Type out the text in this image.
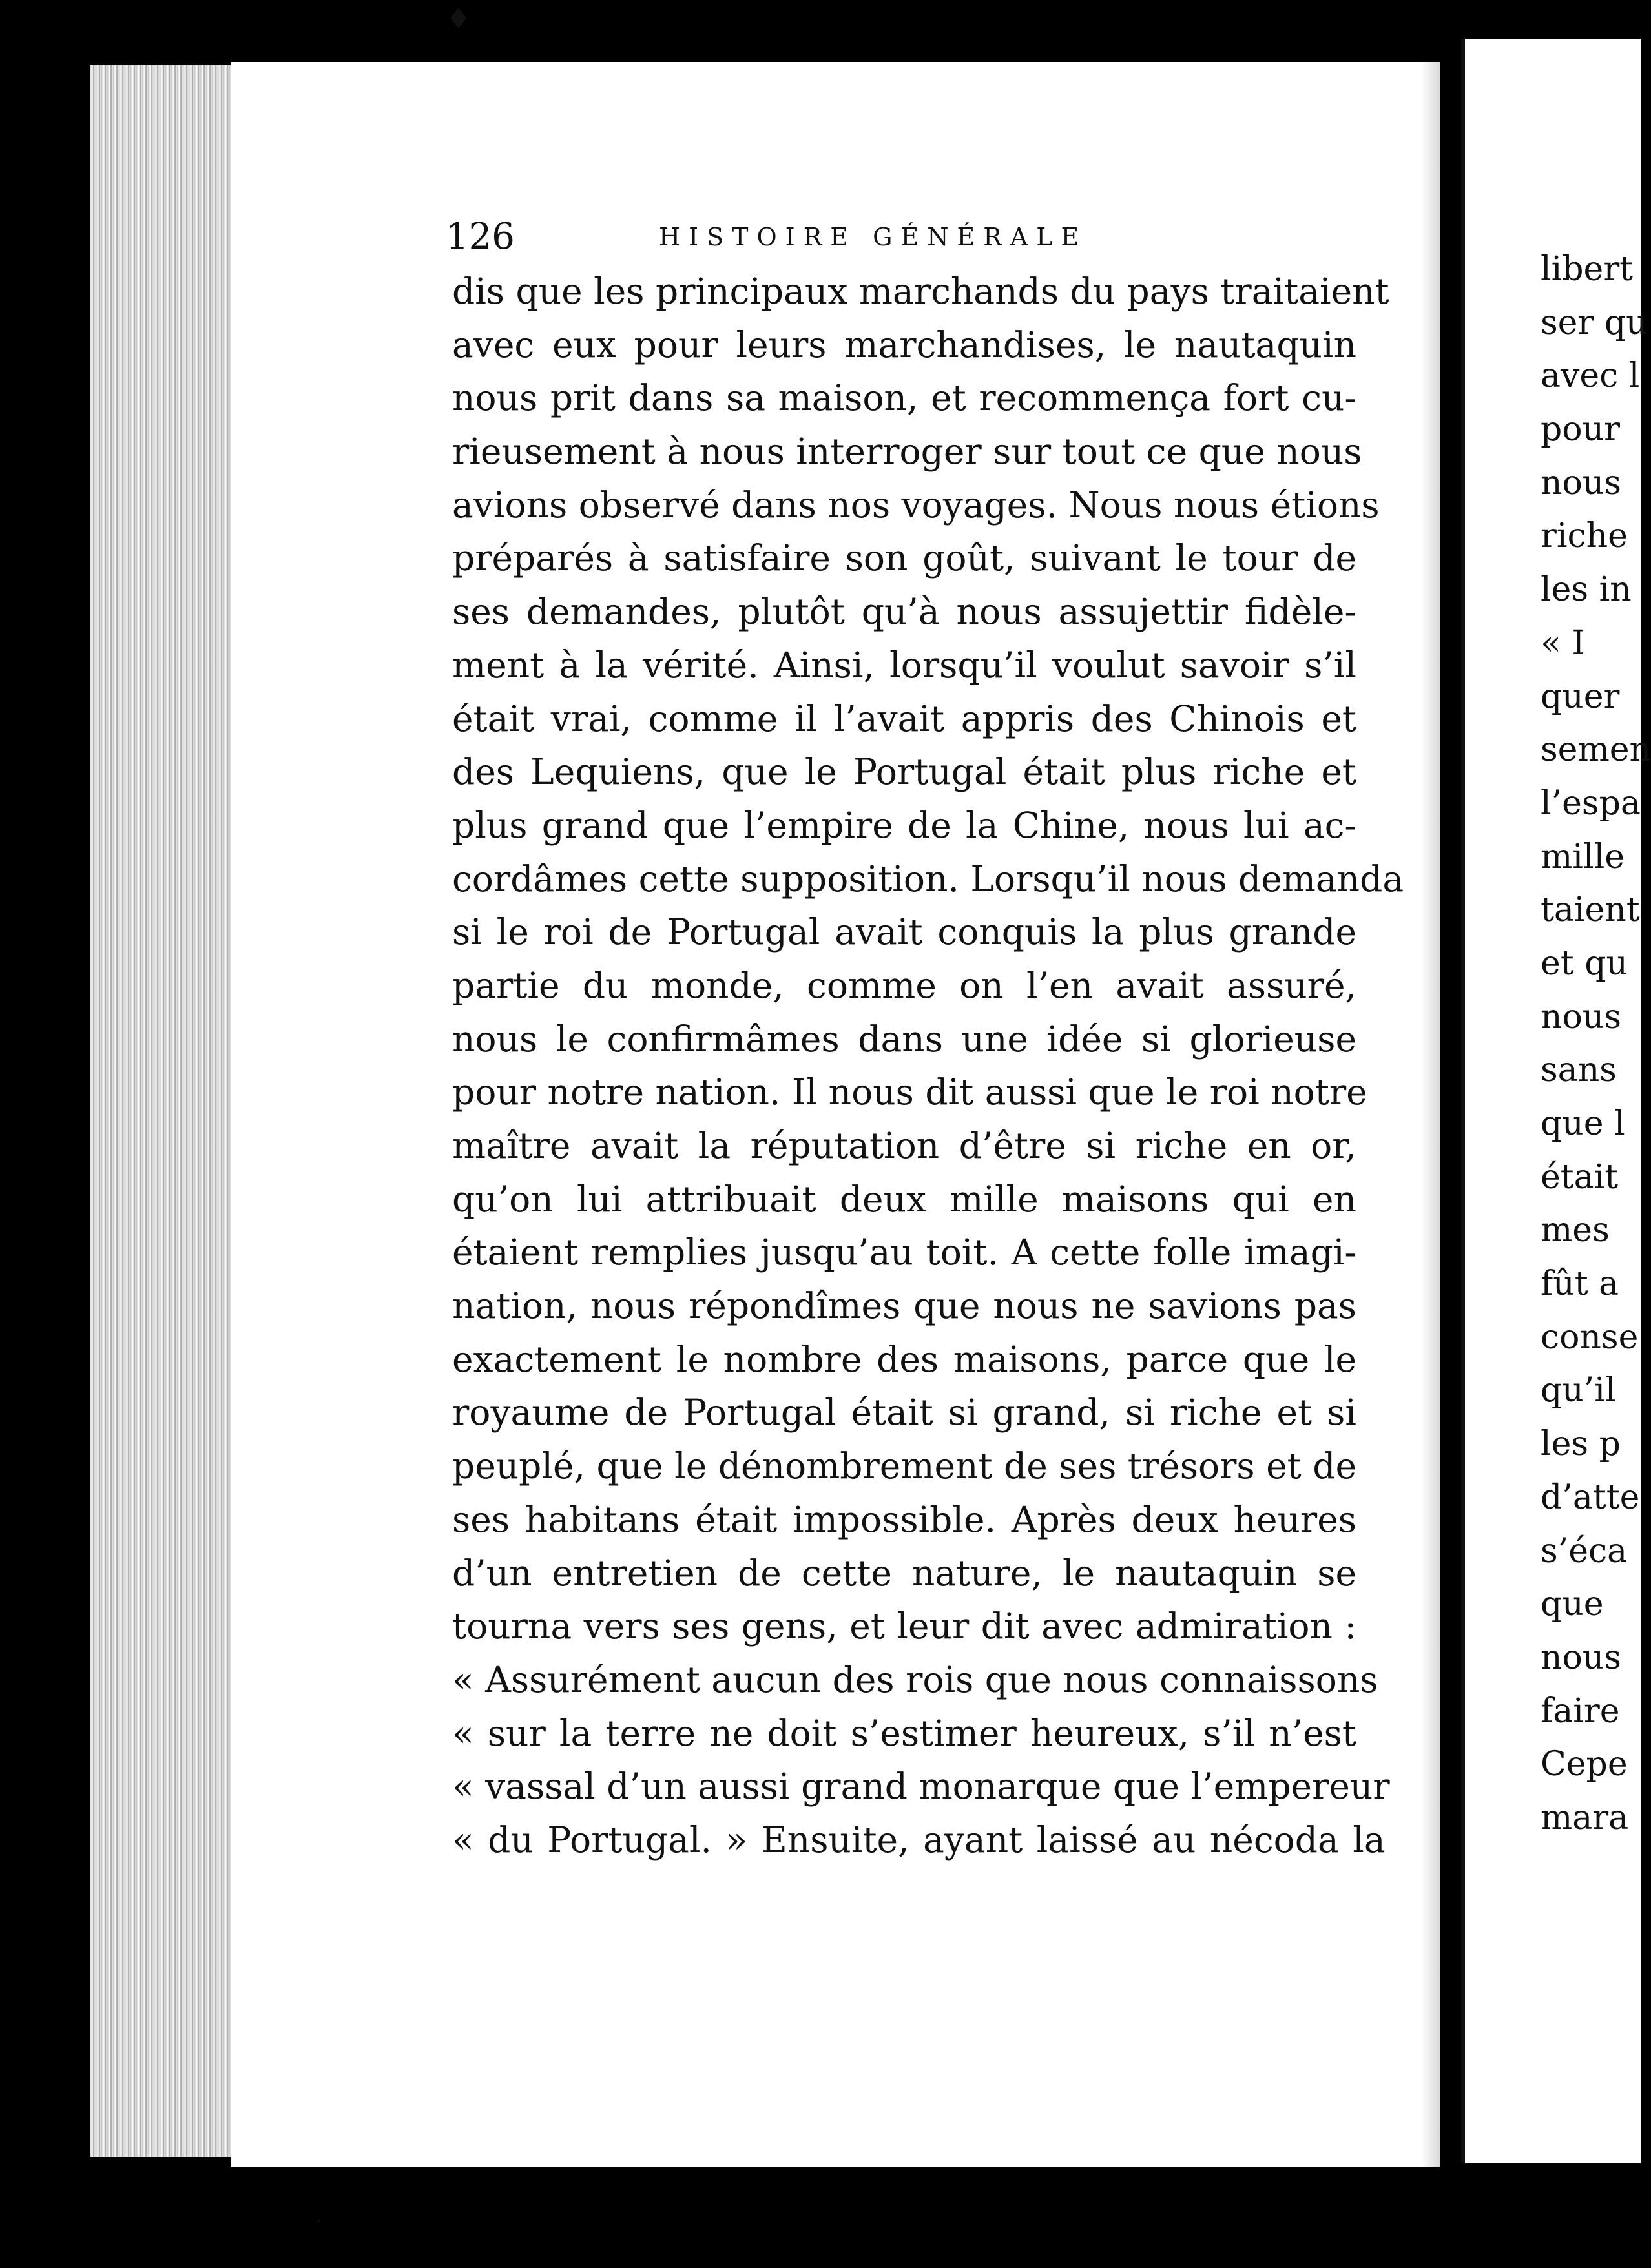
♦
·
126	HISTOIRE GÉNÉRALE
dis que les principaux marchands du pays traitaient
avec eux pour leurs marchandises, le nautaquin
nous prit dans sa maison, et recommença fort cu-
rieusement à nous interroger sur tout ce que nous
avions observé dans nos voyages. Nous nous étions
préparés à satisfaire son goût, suivant le tour de
ses demandes, plutôt qu’à nous assujettir fidèle-
ment à la vérité. Ainsi, lorsqu’il voulut savoir s’il
était vrai, comme il l’avait appris des Chinois et
des Lequiens, que le Portugal était plus riche et
plus grand que l’empire de la Chine, nous lui ac-
cordâmes cette supposition. Lorsqu’il nous demanda
si le roi de Portugal avait conquis la plus grande
partie du monde, comme on l’en avait assuré,
nous le confirmâmes dans une idée si glorieuse
pour notre nation. Il nous dit aussi que le roi notre
maître avait la réputation d’être si riche en or,
qu’on lui attribuait deux mille maisons qui en
étaient remplies jusqu’au toit. A cette folle imagi-
nation, nous répondîmes que nous ne savions pas
exactement le nombre des maisons, parce que le
royaume de Portugal était si grand, si riche et si
peuplé, que le dénombrement de ses trésors et de
ses habitans était impossible. Après deux heures
d’un entretien de cette nature, le nautaquin se
tourna vers ses gens, et leur dit avec admiration :
« Assurément aucun des rois que nous connaissons
« sur la terre ne doit s’estimer heureux, s’il n’est
« vassal d’un aussi grand monarque que l’empereur
« du Portugal. » Ensuite, ayant laissé au nécoda la
libert
ser qu
avec l
pour
nous
riche
les in
« I
quer
semen
l’espa
mille
taient
et qu
nous
sans
que l
était
mes
fût a
conse
qu’il
les p
d’atte
s’éca
que
nous
faire
Cepe
mara
